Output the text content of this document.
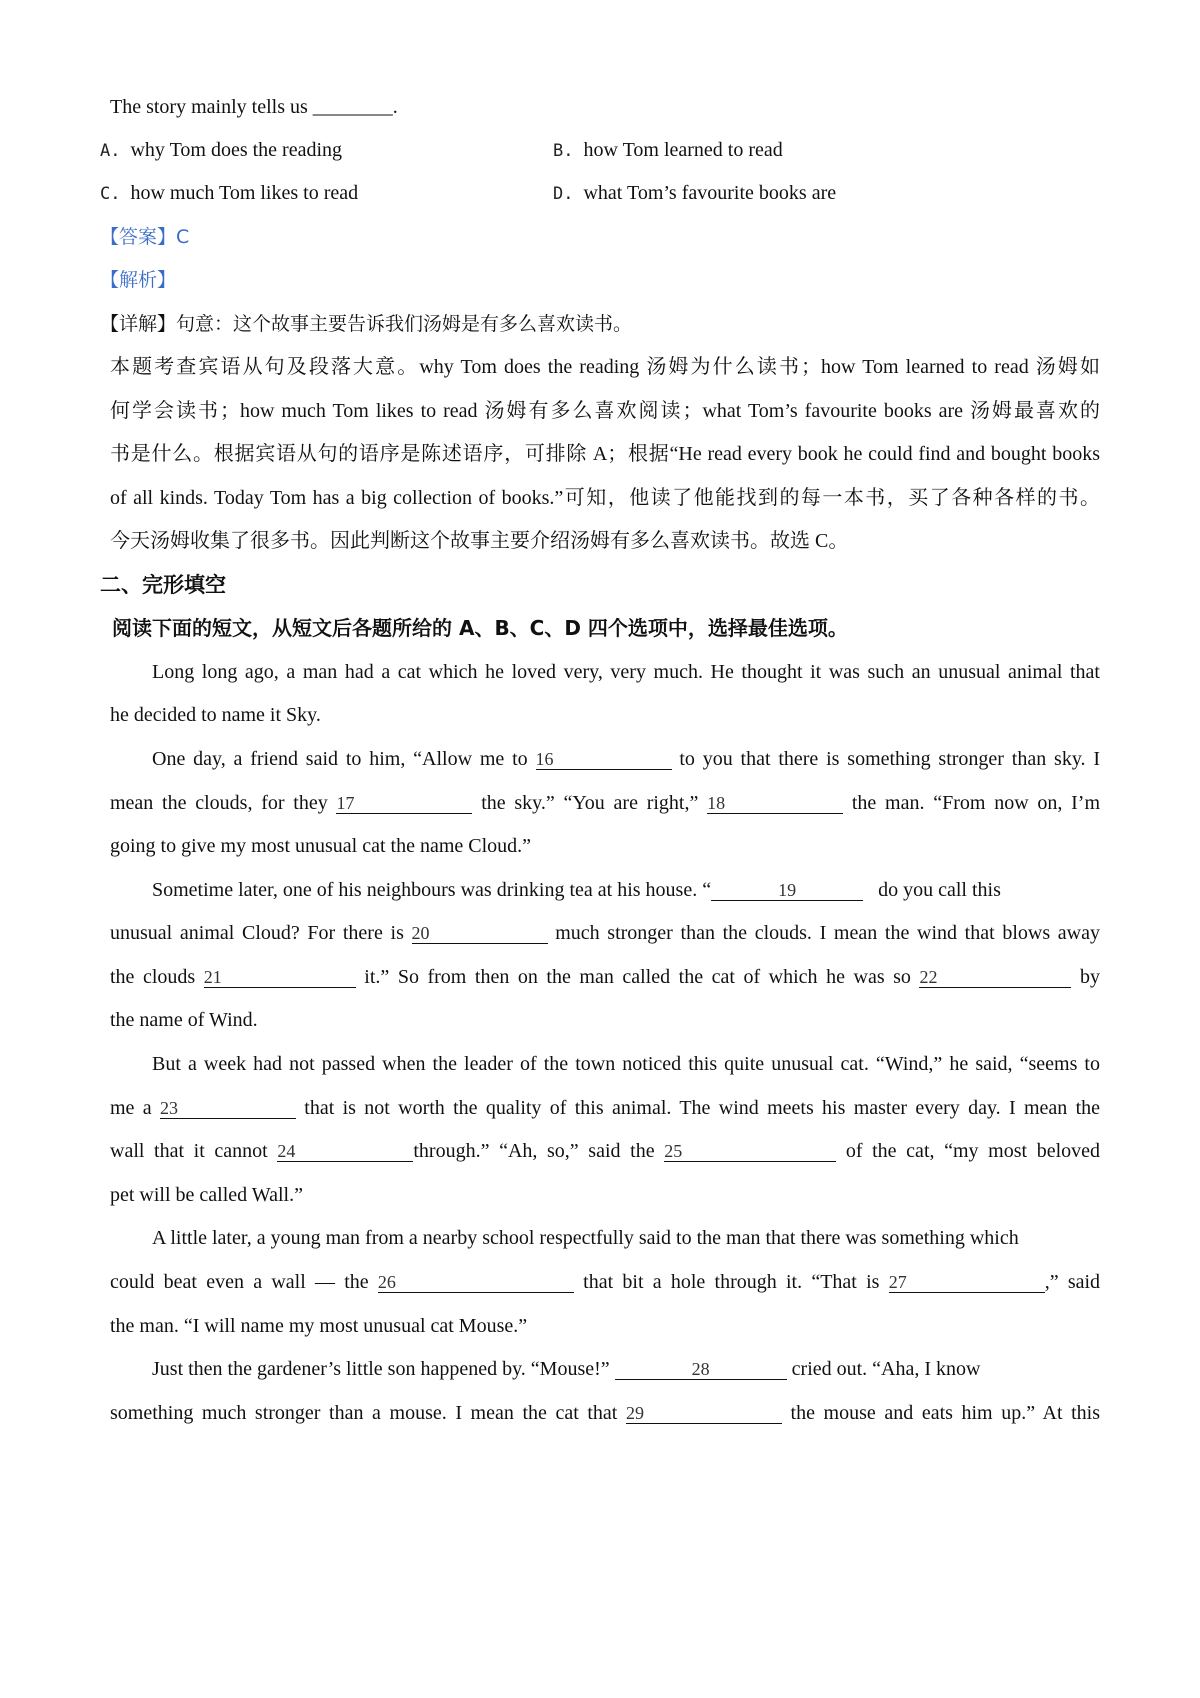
The story mainly tells us ________.
A. why Tom does the reading	B. how Tom learned to read
C. how much Tom likes to read	D. what Tom’s favourite books are
【答案】C
【解析】
【详解】句意：这个故事主要告诉我们汤姆是有多么喜欢读书。
本题考查宾语从句及段落大意。why Tom does the reading 汤姆为什么读书；how Tom learned to read 汤姆如
何学会读书；how much Tom likes to read 汤姆有多么喜欢阅读；what Tom’s favourite books are 汤姆最喜欢的
书是什么。根据宾语从句的语序是陈述语序，可排除 A；根据“He read every book he could find and bought books
of all kinds. Today Tom has a big collection of books.”可知，他读了他能找到的每一本书，买了各种各样的书。
今天汤姆收集了很多书。因此判断这个故事主要介绍汤姆有多么喜欢读书。故选 C。
二、完形填空
阅读下面的短文，从短文后各题所给的 A、B、C、D 四个选项中，选择最佳选项。
Long long ago, a man had a cat which he loved very, very much. He thought it was such an unusual animal that
he decided to name it Sky.
One day, a friend said to him, “Allow me to 16	to you that there is something stronger than sky. I
mean the clouds, for they 17	the sky.” “You are right,” 18	the man. “From now on, I’m
going to give my most unusual cat the name Cloud.”
Sometime later, one of his neighbours was drinking tea at his house. “	19	do you call this
unusual animal Cloud? For there is 20	much stronger than the clouds. I mean the wind that blows away
the clouds 21	it.” So from then on the man called the cat of which he was so 22	by
the name of Wind.
But a week had not passed when the leader of the town noticed this quite unusual cat. “Wind,” he said, “seems to
me a 23	that is not worth the quality of this animal. The wind meets his master every day. I mean the
wall that it cannot 24	through.” “Ah, so,” said the 25	of the cat, “my most beloved
pet will be called Wall.”
A little later, a young man from a nearby school respectfully said to the man that there was something which
could beat even a wall — the 26	that bit a hole through it. “That is 27	,” said
the man. “I will name my most unusual cat Mouse.”
Just then the gardener’s little son happened by. “Mouse!”	28	cried out. “Aha, I know
something much stronger than a mouse. I mean the cat that 29	the mouse and eats him up.” At this
